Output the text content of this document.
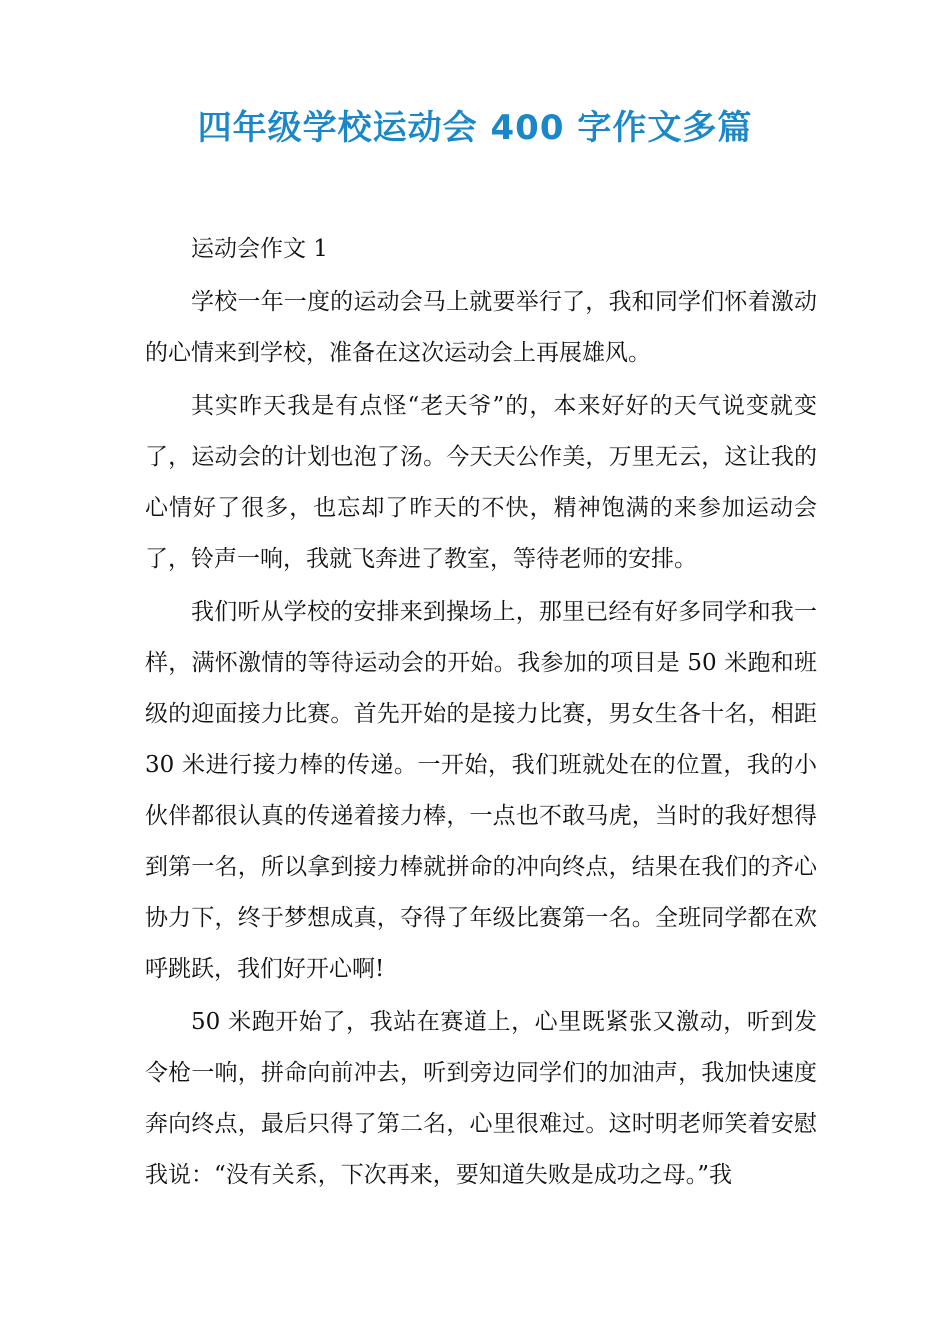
四年级学校运动会 400 字作文多篇

运动会作文 1

学校一年一度的运动会马上就要举行了，我和同学们怀着激动的心情来到学校，准备在这次运动会上再展雄风。

其实昨天我是有点怪“老天爷”的，本来好好的天气说变就变了，运动会的计划也泡了汤。今天天公作美，万里无云，这让我的心情好了很多，也忘却了昨天的不快，精神饱满的来参加运动会了，铃声一响，我就飞奔进了教室，等待老师的安排。

我们听从学校的安排来到操场上，那里已经有好多同学和我一样，满怀激情的等待运动会的开始。我参加的项目是 50 米跑和班级的迎面接力比赛。首先开始的是接力比赛，男女生各十名，相距 30 米进行接力棒的传递。一开始，我们班就处在的位置，我的小伙伴都很认真的传递着接力棒，一点也不敢马虎，当时的我好想得到第一名，所以拿到接力棒就拼命的冲向终点，结果在我们的齐心协力下，终于梦想成真，夺得了年级比赛第一名。全班同学都在欢呼跳跃，我们好开心啊!

50 米跑开始了，我站在赛道上，心里既紧张又激动，听到发令枪一响，拼命向前冲去，听到旁边同学们的加油声，我加快速度奔向终点，最后只得了第二名，心里很难过。这时明老师笑着安慰我说：“没有关系，下次再来，要知道失败是成功之母。”我
